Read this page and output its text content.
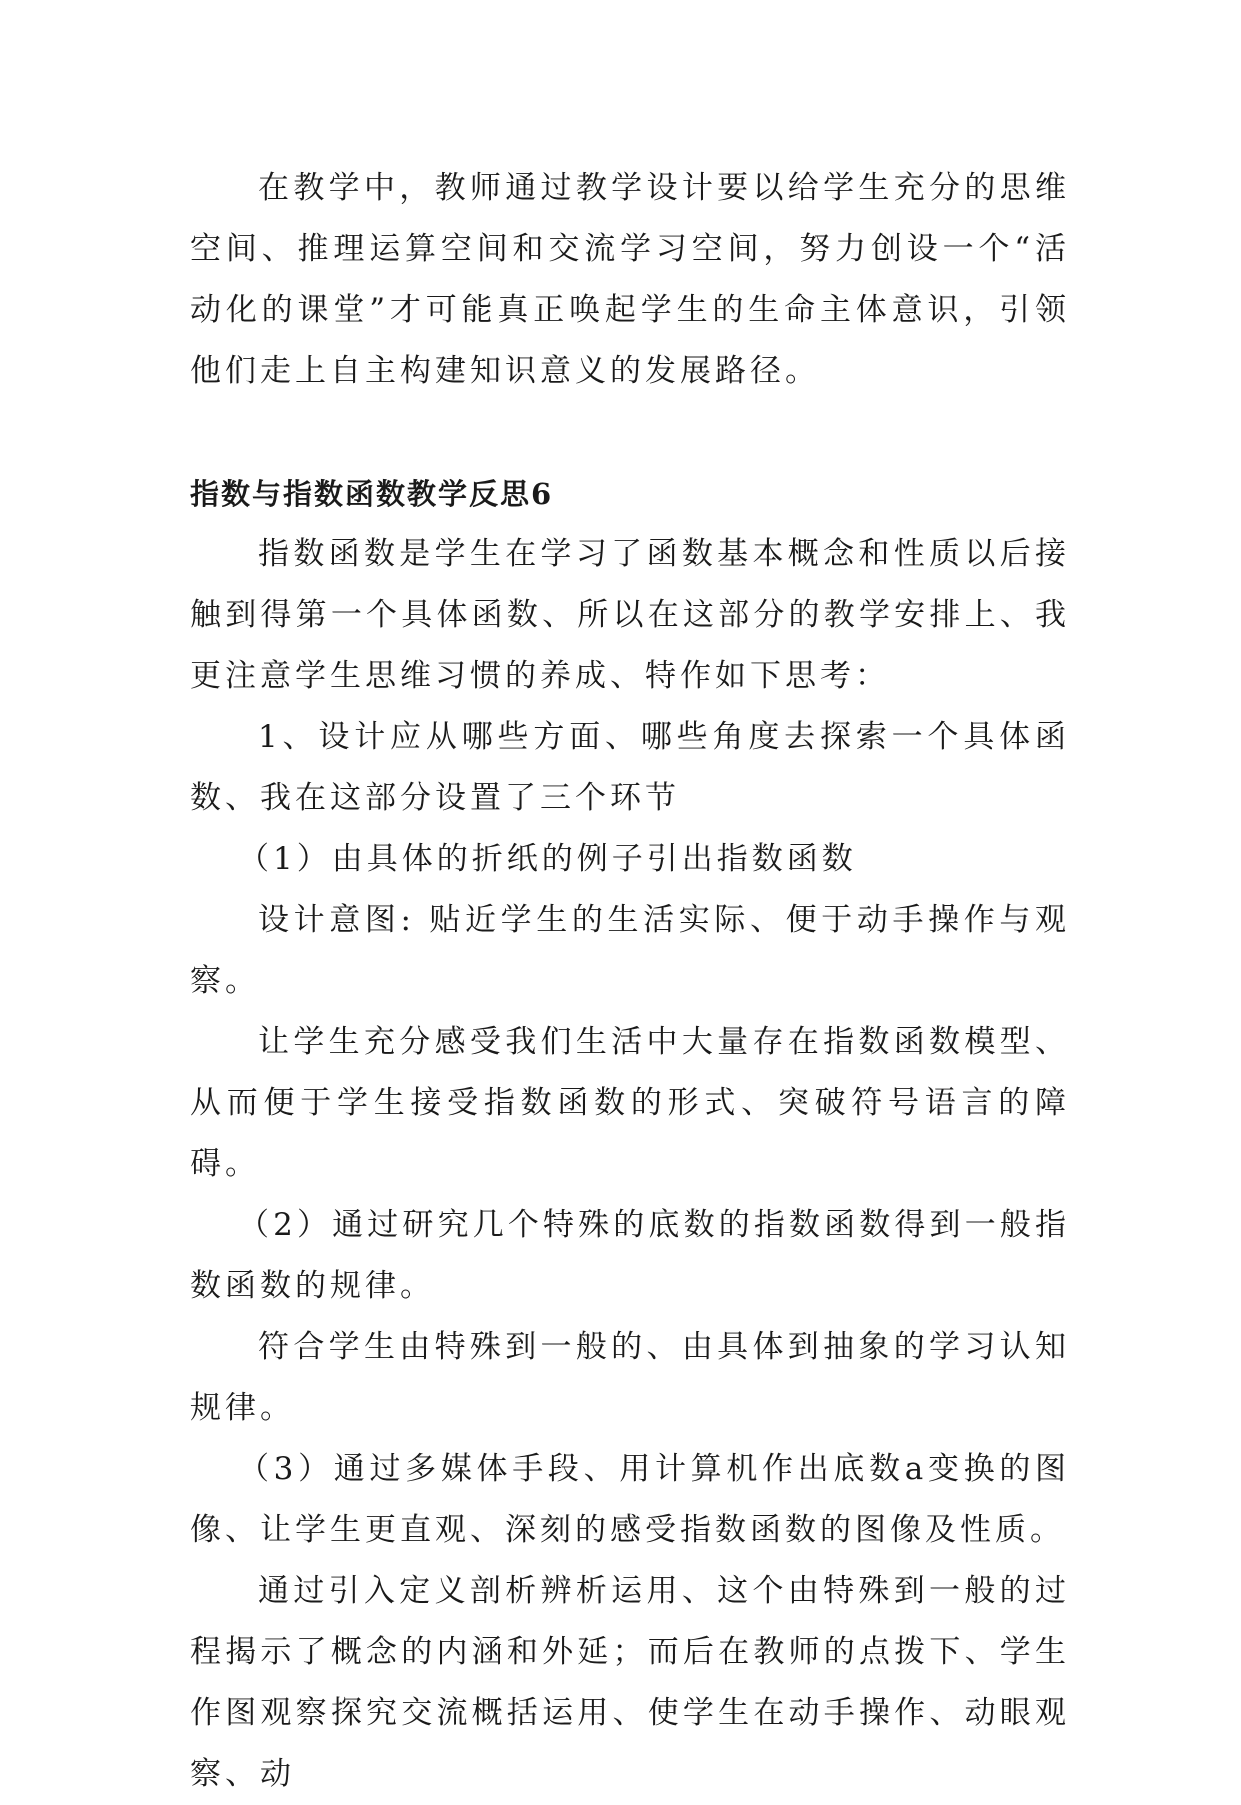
在教学中，教师通过教学设计要以给学生充分的思维空间、推理运算空间和交流学习空间，努力创设一个“活动化的课堂”才可能真正唤起学生的生命主体意识，引领他们走上自主构建知识意义的发展路径。

指数与指数函数教学反思6

指数函数是学生在学习了函数基本概念和性质以后接触到得第一个具体函数、所以在这部分的教学安排上、我更注意学生思维习惯的养成、特作如下思考：

1、设计应从哪些方面、哪些角度去探索一个具体函数、我在这部分设置了三个环节

（1）由具体的折纸的例子引出指数函数

设计意图: 贴近学生的生活实际、便于动手操作与观察。

让学生充分感受我们生活中大量存在指数函数模型、从而便于学生接受指数函数的形式、突破符号语言的障碍。

（2）通过研究几个特殊的底数的指数函数得到一般指数函数的规律。

符合学生由特殊到一般的、由具体到抽象的学习认知规律。

（3）通过多媒体手段、用计算机作出底数a变换的图像、让学生更直观、深刻的感受指数函数的图像及性质。

通过引入定义剖析辨析运用、这个由特殊到一般的过程揭示了概念的内涵和外延；而后在教师的点拨下、学生作图观察探究交流概括运用、使学生在动手操作、动眼观察、动
